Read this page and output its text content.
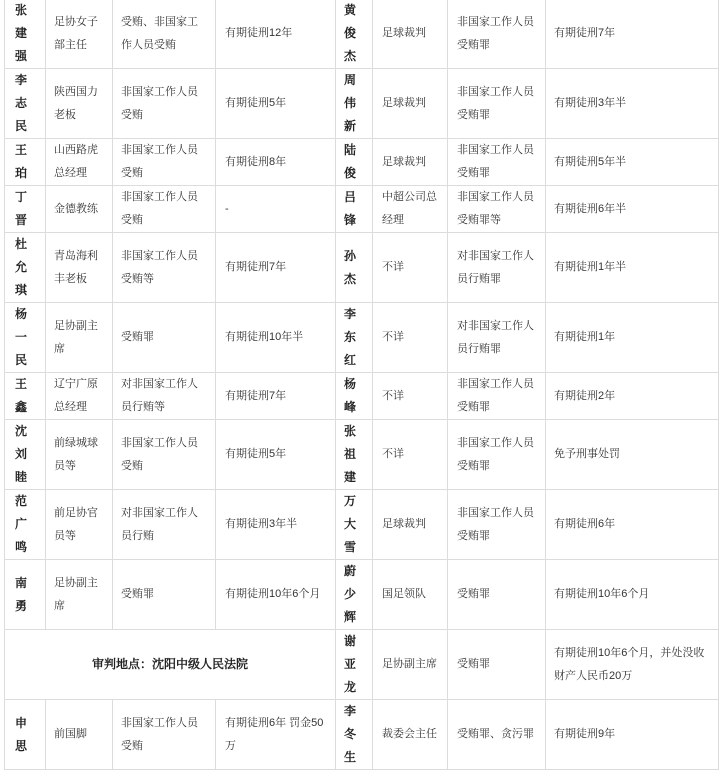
张建强	足协女子部主任	受贿、非国家工作人员受贿	有期徒刑12年	黄俊杰	足球裁判	非国家工作人员受贿罪	有期徒刑7年

李志民	陕西国力老板	非国家工作人员受贿	有期徒刑5年	周伟新	足球裁判	非国家工作人员受贿罪	有期徒刑3年半

王珀	山西路虎总经理	非国家工作人员受贿	有期徒刑8年	陆俊	足球裁判	非国家工作人员受贿罪	有期徒刑5年半

丁晋	金德教练	非国家工作人员受贿	-	吕锋	中超公司总经理	非国家工作人员受贿罪等	有期徒刑6年半

杜允琪	青岛海利丰老板	非国家工作人员受贿等	有期徒刑7年	孙杰	不详	对非国家工作人员行贿罪	有期徒刑1年半

杨一民	足协副主席	受贿罪	有期徒刑10年半	李东红	不详	对非国家工作人员行贿罪	有期徒刑1年

王鑫	辽宁广原总经理	对非国家工作人员行贿等	有期徒刑7年	杨峰	不详	非国家工作人员受贿罪	有期徒刑2年

沈刘睦	前绿城球员等	非国家工作人员受贿	有期徒刑5年	张祖建	不详	非国家工作人员受贿罪	免予刑事处罚

范广鸣	前足协官员等	对非国家工作人员行贿	有期徒刑3年半	万大雪	足球裁判	非国家工作人员受贿罪	有期徒刑6年

南勇	足协副主席	受贿罪	有期徒刑10年6个月	蔚少辉	国足领队	受贿罪	有期徒刑10年6个月
审判地点：沈阳中级人民法院				谢亚龙	足协副主席	受贿罪	有期徒刑10年6个月，并处没收财产人民币20万

申思	前国脚	非国家工作人员受贿	有期徒刑6年 罚金50万	李冬生	裁委会主任	受贿罪、贪污罪	有期徒刑9年
